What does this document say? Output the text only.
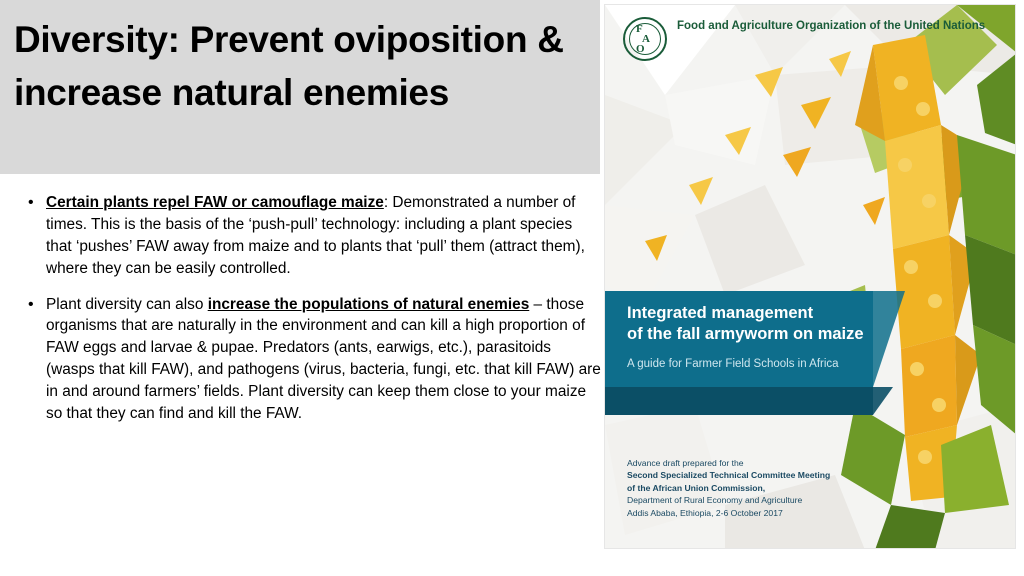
Diversity: Prevent oviposition & increase natural enemies
• Certain plants repel FAW or camouflage maize: Demonstrated a number of times. This is the basis of the ‘push-pull’ technology: including a plant species that ‘pushes’ FAW away from maize and to plants that ‘pull’ them (attract them), where they can be easily controlled.
• Plant diversity can also increase the populations of natural enemies – those organisms that are naturally in the environment and can kill a high proportion of FAW eggs and larvae & pupae. Predators (ants, earwigs, etc.), parasitoids (wasps that kill FAW), and pathogens (virus, bacteria, fungi, etc. that kill FAW) are in and around farmers’ fields. Plant diversity can keep them close to your maize so that they can find and kill the FAW.
F
A
O
Food and Agriculture Organization of the United Nations
Integrated management
of the fall armyworm on maize
A guide for Farmer Field Schools in Africa
Advance draft prepared for the
Second Specialized Technical Committee Meeting
of the African Union Commission,
Department of Rural Economy and Agriculture
Addis Ababa, Ethiopia, 2-6 October 2017
